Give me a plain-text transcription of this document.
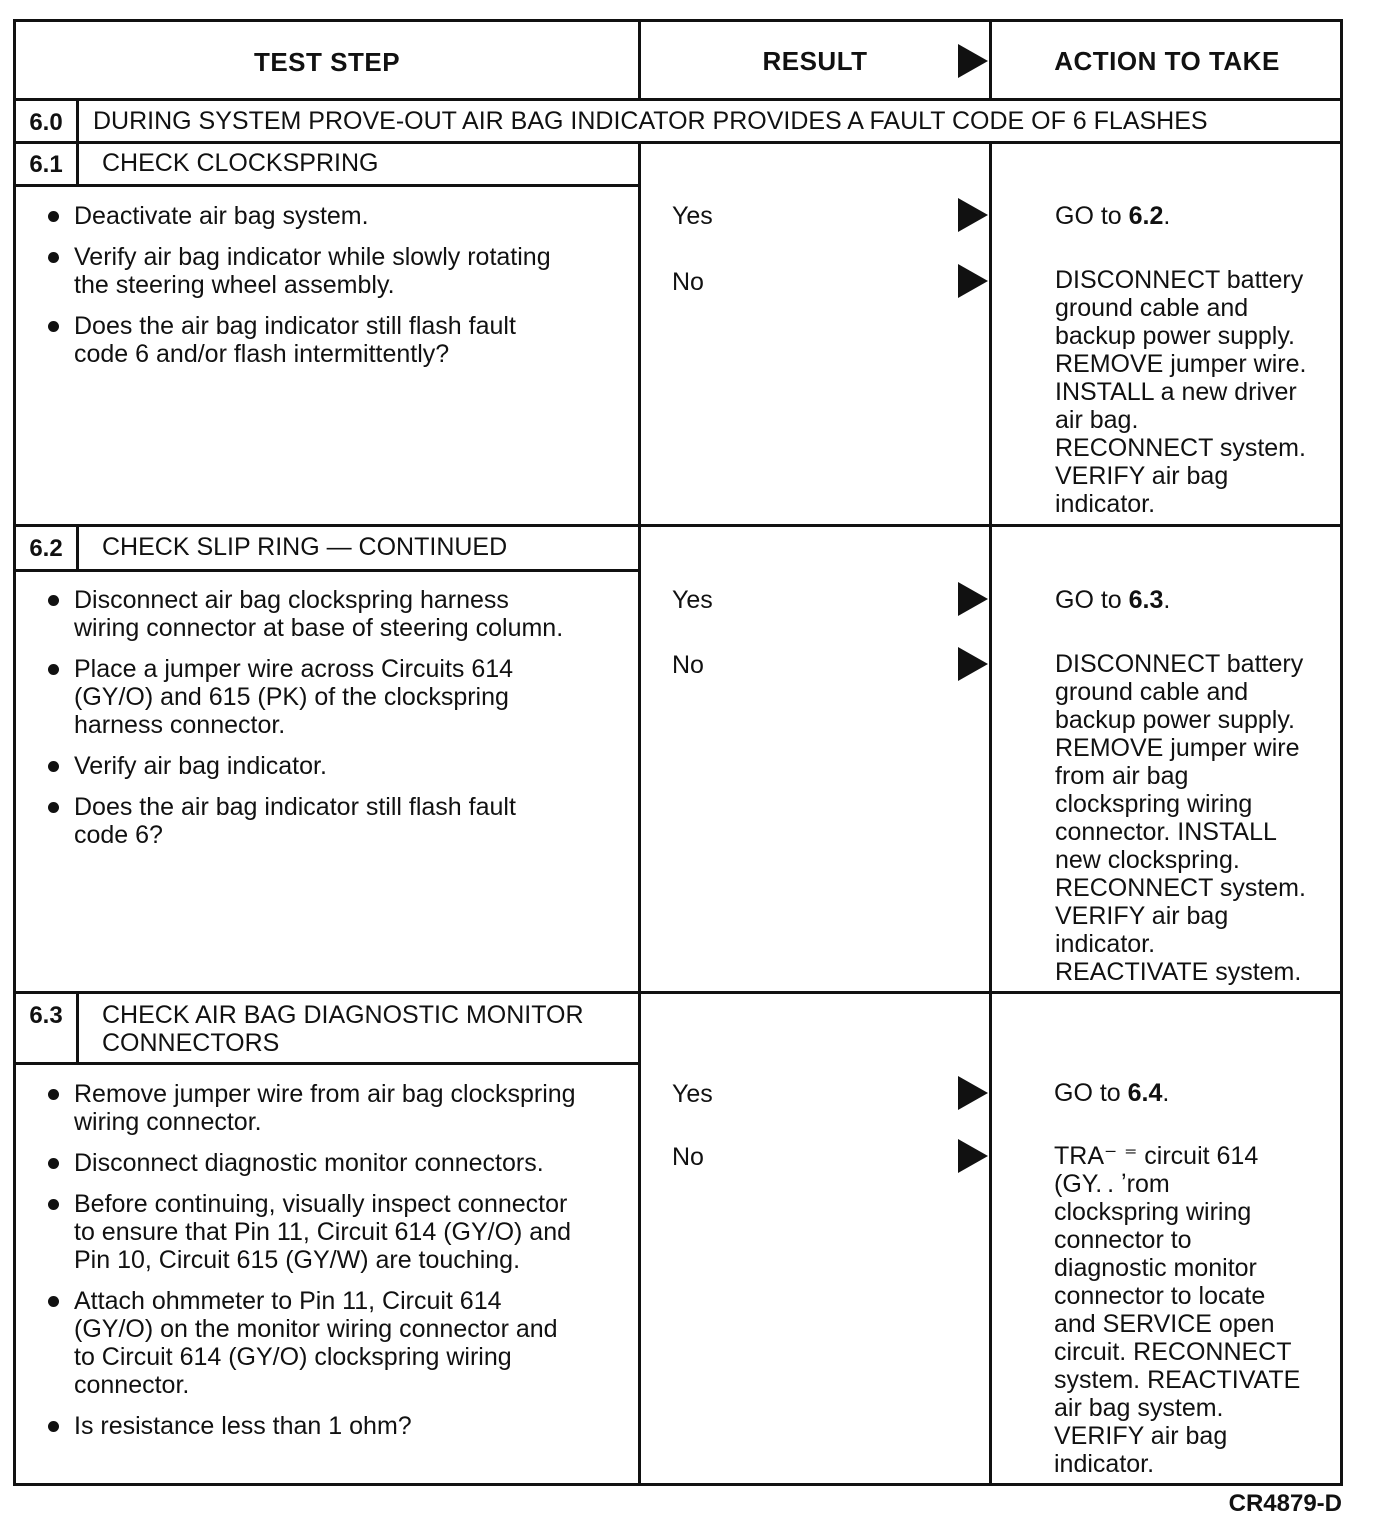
TEST STEP	RESULT	ACTION TO TAKE
6.0	DURING SYSTEM PROVE-OUT AIR BAG INDICATOR PROVIDES A FAULT CODE OF 6 FLASHES
6.1	CHECK CLOCKSPRING
Deactivate air bag system.
Verify air bag indicator while slowly rotating
the steering wheel assembly.
Does the air bag indicator still flash fault
code 6 and/or flash intermittently?
Yes	GO to 6.2.
No	DISCONNECT battery
ground cable and
backup power supply.
REMOVE jumper wire.
INSTALL a new driver
air bag.
RECONNECT system.
VERIFY air bag
indicator.
6.2	CHECK SLIP RING — CONTINUED
Disconnect air bag clockspring harness
wiring connector at base of steering column.
Place a jumper wire across Circuits 614
(GY/O) and 615 (PK) of the clockspring
harness connector.
Verify air bag indicator.
Does the air bag indicator still flash fault
code 6?
Yes	GO to 6.3.
No	DISCONNECT battery
ground cable and
backup power supply.
REMOVE jumper wire
from air bag
clockspring wiring
connector. INSTALL
new clockspring.
RECONNECT system.
VERIFY air bag
indicator.
REACTIVATE system.
6.3	CHECK AIR BAG DIAGNOSTIC MONITOR
CONNECTORS
Remove jumper wire from air bag clockspring
wiring connector.
Disconnect diagnostic monitor connectors.
Before continuing, visually inspect connector
to ensure that Pin 11, Circuit 614 (GY/O) and
Pin 10, Circuit 615 (GY/W) are touching.
Attach ohmmeter to Pin 11, Circuit 614
(GY/O) on the monitor wiring connector and
to Circuit 614 (GY/O) clockspring wiring
connector.
Is resistance less than 1 ohm?
Yes	GO to 6.4.
No	TRA⁻ ⁼ circuit 614
(GY. . ʼrom
clockspring wiring
connector to
diagnostic monitor
connector to locate
and SERVICE open
circuit. RECONNECT
system. REACTIVATE
air bag system.
VERIFY air bag
indicator.
CR4879-D
